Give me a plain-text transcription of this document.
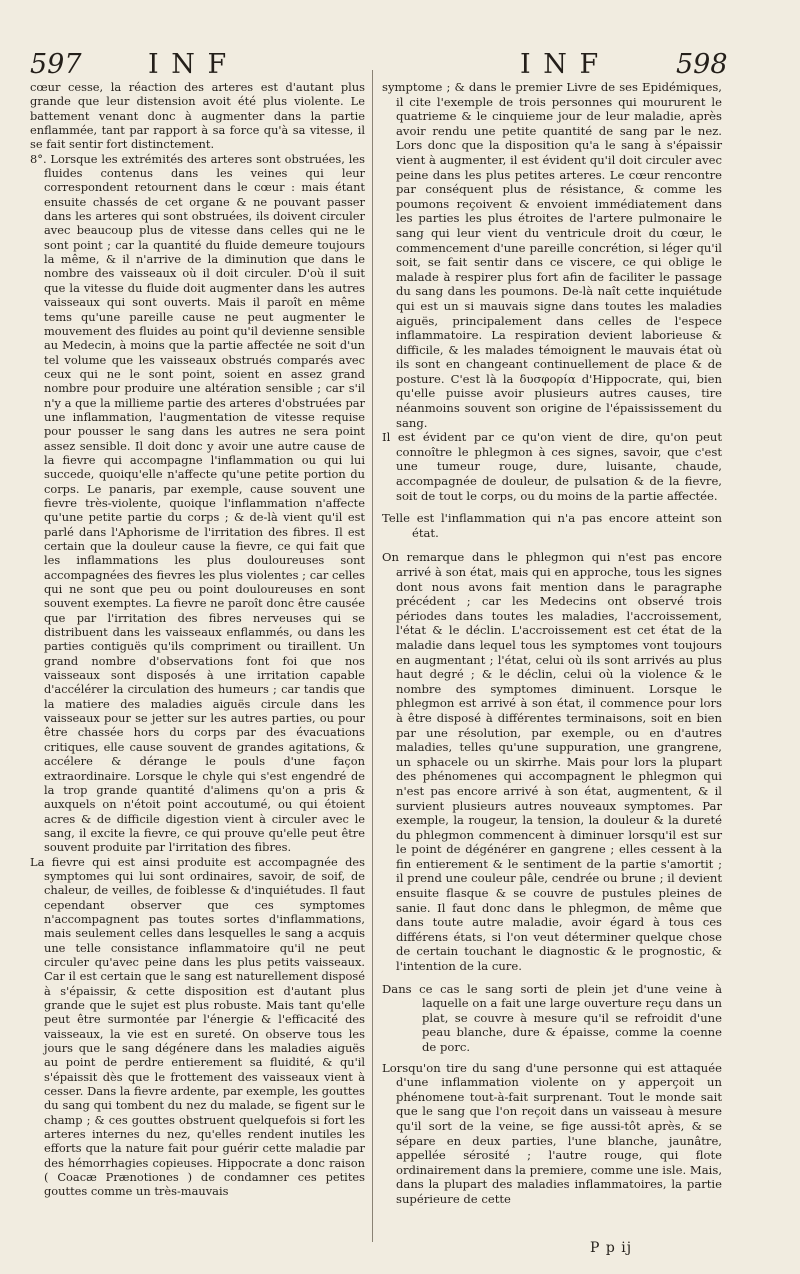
597 I N F	I N F	598

cœur cesse, la réaction des arteres est d'autant plus grande que leur distension avoit été plus violente. Le battement venant donc à augmenter dans la partie enflammée, tant par rapport à sa force qu'à sa vitesse, il se fait sentir fort distinctement.

8°. Lorsque les extrémités des arteres sont obstruées, les fluides contenus dans les veines qui leur correspondent retournent dans le cœur : mais étant ensuite chassés de cet organe & ne pouvant passer dans les arteres qui sont obstruées, ils doivent circuler avec beaucoup plus de vitesse dans celles qui ne le sont point ; car la quantité du fluide demeure toujours la même, & il n'arrive de la diminution que dans le nombre des vaisseaux où il doit circuler. D'où il suit que la vitesse du fluide doit augmenter dans les autres vaisseaux qui sont ouverts. Mais il paroît en même tems qu'une pareille cause ne peut augmenter le mouvement des fluides au point qu'il devienne sensible au Medecin, à moins que la partie affectée ne soit d'un tel volume que les vaisseaux obstrués comparés avec ceux qui ne le sont point, soient en assez grand nombre pour produire une altération sensible ; car s'il n'y a que la millieme partie des arteres d'obstruées par une inflammation, l'augmentation de vitesse requise pour pousser le sang dans les autres ne sera point assez sensible. Il doit donc y avoir une autre cause de la fievre qui accompagne l'inflammation ou qui lui succede, quoiqu'elle n'affecte qu'une petite portion du corps. Le panaris, par exemple, cause souvent une fievre très-violente, quoique l'inflammation n'affecte qu'une petite partie du corps ; & de-là vient qu'il est parlé dans l'Aphorisme de l'irritation des fibres. Il est certain que la douleur cause la fievre, ce qui fait que les inflammations les plus douloureuses sont accompagnées des fievres les plus violentes ; car celles qui ne sont que peu ou point douloureuses en sont souvent exemptes. La fievre ne paroît donc être causée que par l'irritation des fibres nerveuses qui se distribuent dans les vaisseaux enflammés, ou dans les parties contiguës qu'ils compriment ou tiraillent. Un grand nombre d'observations font foi que nos vaisseaux sont disposés à une irritation capable d'accélérer la circulation des humeurs ; car tandis que la matiere des maladies aiguës circule dans les vaisseaux pour se jetter sur les autres parties, ou pour être chassée hors du corps par des évacuations critiques, elle cause souvent de grandes agitations, & accélere & dérange le pouls d'une façon extraordinaire. Lorsque le chyle qui s'est engendré de la trop grande quantité d'alimens qu'on a pris & auxquels on n'étoit point accoutumé, ou qui étoient acres & de difficile digestion vient à circuler avec le sang, il excite la fievre, ce qui prouve qu'elle peut être souvent produite par l'irritation des fibres.

La fievre qui est ainsi produite est accompagnée des symptomes qui lui sont ordinaires, savoir, de soif, de chaleur, de veilles, de foiblesse & d'inquiétudes. Il faut cependant observer que ces symptomes n'accompagnent pas toutes sortes d'inflammations, mais seulement celles dans lesquelles le sang a acquis une telle consistance inflammatoire qu'il ne peut circuler qu'avec peine dans les plus petits vaisseaux. Car il est certain que le sang est naturellement disposé à s'épaissir, & cette disposition est d'autant plus grande que le sujet est plus robuste. Mais tant qu'elle peut être surmontée par l'énergie & l'efficacité des vaisseaux, la vie est en sureté. On observe tous les jours que le sang dégénere dans les maladies aiguës au point de perdre entierement sa fluidité, & qu'il s'épaissit dès que le frottement des vaisseaux vient à cesser. Dans la fievre ardente, par exemple, les gouttes du sang qui tombent du nez du malade, se figent sur le champ ; & ces gouttes obstruent quelquefois si fort les arteres internes du nez, qu'elles rendent inutiles les efforts que la nature fait pour guérir cette maladie par des hémorrhagies copieuses. Hippocrate a donc raison ( Coacæ Prænotiones ) de condamner ces petites gouttes comme un très-mauvais

symptome ; & dans le premier Livre de ses Epidémiques, il cite l'exemple de trois personnes qui moururent le quatrieme & le cinquieme jour de leur maladie, après avoir rendu une petite quantité de sang par le nez. Lors donc que la disposition qu'a le sang à s'épaissir vient à augmenter, il est évident qu'il doit circuler avec peine dans les plus petites arteres. Le cœur rencontre par conséquent plus de résistance, & comme les poumons reçoivent & envoient immédiatement dans les parties les plus étroites de l'artere pulmonaire le sang qui leur vient du ventricule droit du cœur, le commencement d'une pareille concrétion, si léger qu'il soit, se fait sentir dans ce viscere, ce qui oblige le malade à respirer plus fort afin de faciliter le passage du sang dans les poumons. De-là naît cette inquiétude qui est un si mauvais signe dans toutes les maladies aiguës, principalement dans celles de l'espece inflammatoire. La respiration devient laborieuse & difficile, & les malades témoignent le mauvais état où ils sont en changeant continuellement de place & de posture. C'est là la δυσφορία d'Hippocrate, qui, bien qu'elle puisse avoir plusieurs autres causes, tire néanmoins souvent son origine de l'épaississement du sang.

Il est évident par ce qu'on vient de dire, qu'on peut connoître le phlegmon à ces signes, savoir, que c'est une tumeur rouge, dure, luisante, chaude, accompagnée de douleur, de pulsation & de la fievre, soit de tout le corps, ou du moins de la partie affectée.

Telle est l'inflammation qui n'a pas encore atteint son état.

On remarque dans le phlegmon qui n'est pas encore arrivé à son état, mais qui en approche, tous les signes dont nous avons fait mention dans le paragraphe précédent ; car les Medecins ont observé trois périodes dans toutes les maladies, l'accroissement, l'état & le déclin. L'accroissement est cet état de la maladie dans lequel tous les symptomes vont toujours en augmentant ; l'état, celui où ils sont arrivés au plus haut degré ; & le déclin, celui où la violence & le nombre des symptomes diminuent. Lorsque le phlegmon est arrivé à son état, il commence pour lors à être disposé à différentes terminaisons, soit en bien par une résolution, par exemple, ou en d'autres maladies, telles qu'une suppuration, une grangrene, un sphacele ou un skirrhe. Mais pour lors la plupart des phénomenes qui accompagnent le phlegmon qui n'est pas encore arrivé à son état, augmentent, & il survient plusieurs autres nouveaux symptomes. Par exemple, la rougeur, la tension, la douleur & la dureté du phlegmon commencent à diminuer lorsqu'il est sur le point de dégénérer en gangrene ; elles cessent à la fin entierement & le sentiment de la partie s'amortit ; il prend une couleur pâle, cendrée ou brune ; il devient ensuite flasque & se couvre de pustules pleines de sanie. Il faut donc dans le phlegmon, de même que dans toute autre maladie, avoir égard à tous ces différens états, si l'on veut déterminer quelque chose de certain touchant le diagnostic & le prognostic, & l'intention de la cure.

Dans ce cas le sang sorti de plein jet d'une veine à laquelle on a fait une large ouverture reçu dans un plat, se couvre à mesure qu'il se refroidit d'une peau blanche, dure & épaisse, comme la coenne de porc.

Lorsqu'on tire du sang d'une personne qui est attaquée d'une inflammation violente on y apperçoit un phénomene tout-à-fait surprenant. Tout le monde sait que le sang que l'on reçoit dans un vaisseau à mesure qu'il sort de la veine, se fige aussi-tôt après, & se sépare en deux parties, l'une blanche, jaunâtre, appellée sérosité ; l'autre rouge, qui flote ordinairement dans la premiere, comme une isle. Mais, dans la plupart des maladies inflammatoires, la partie supérieure de cette

P p ij
